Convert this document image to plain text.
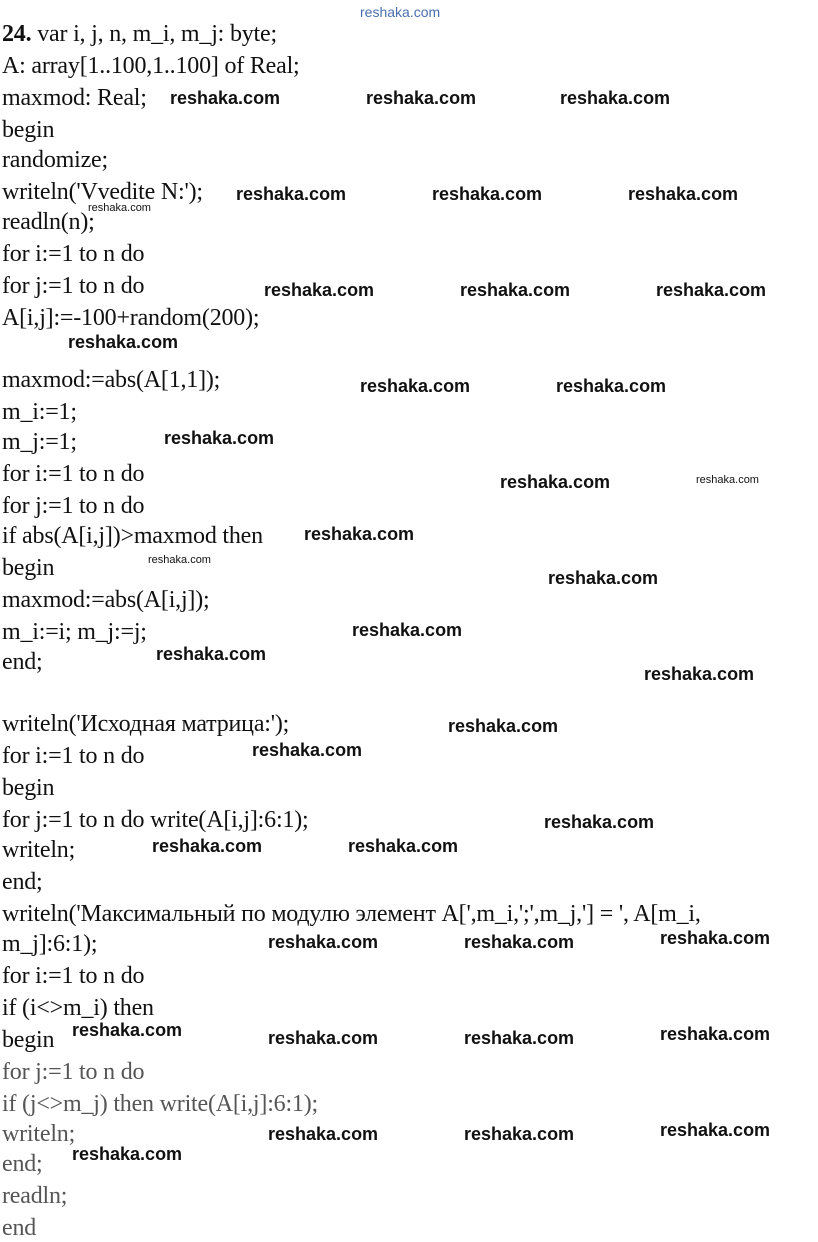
reshaka.com

24. var i, j, n, m_i, m_j: byte;

A: array[1..100,1..100] of Real;

maxmod: Real;

begin

randomize;

writeln('Vvedite N:');

readln(n);

for i:=1 to n do

for j:=1 to n do

A[i,j]:=-100+random(200);

maxmod:=abs(A[1,1]);

m_i:=1;

m_j:=1;

for i:=1 to n do

for j:=1 to n do

if abs(A[i,j])>maxmod then

begin

maxmod:=abs(A[i,j]);

m_i:=i; m_j:=j;

end;

writeln('Исходная матрица:');

for i:=1 to n do

begin

for j:=1 to n do write(A[i,j]:6:1);

writeln;

end;

writeln('Максимальный по модулю элемент A[',m_i,';',m_j,'] = ', A[m_i,

m_j]:6:1);

for i:=1 to n do

if (i<>m_i) then

begin

for j:=1 to n do

if (j<>m_j) then write(A[i,j]:6:1);

writeln;

end;

readln;

end

reshaka.com	reshaka.com	reshaka.com
reshaka.com	reshaka.com	reshaka.com
reshaka.com
reshaka.com	reshaka.com	reshaka.com
reshaka.com
reshaka.com	reshaka.com
reshaka.com
reshaka.com	reshaka.com
reshaka.com
reshaka.com
reshaka.com
reshaka.com
reshaka.com
reshaka.com
reshaka.com
reshaka.com
reshaka.com
reshaka.com	reshaka.com
reshaka.com	reshaka.com	reshaka.com
reshaka.com	reshaka.com	reshaka.com	reshaka.com
reshaka.com	reshaka.com	reshaka.com
reshaka.com
